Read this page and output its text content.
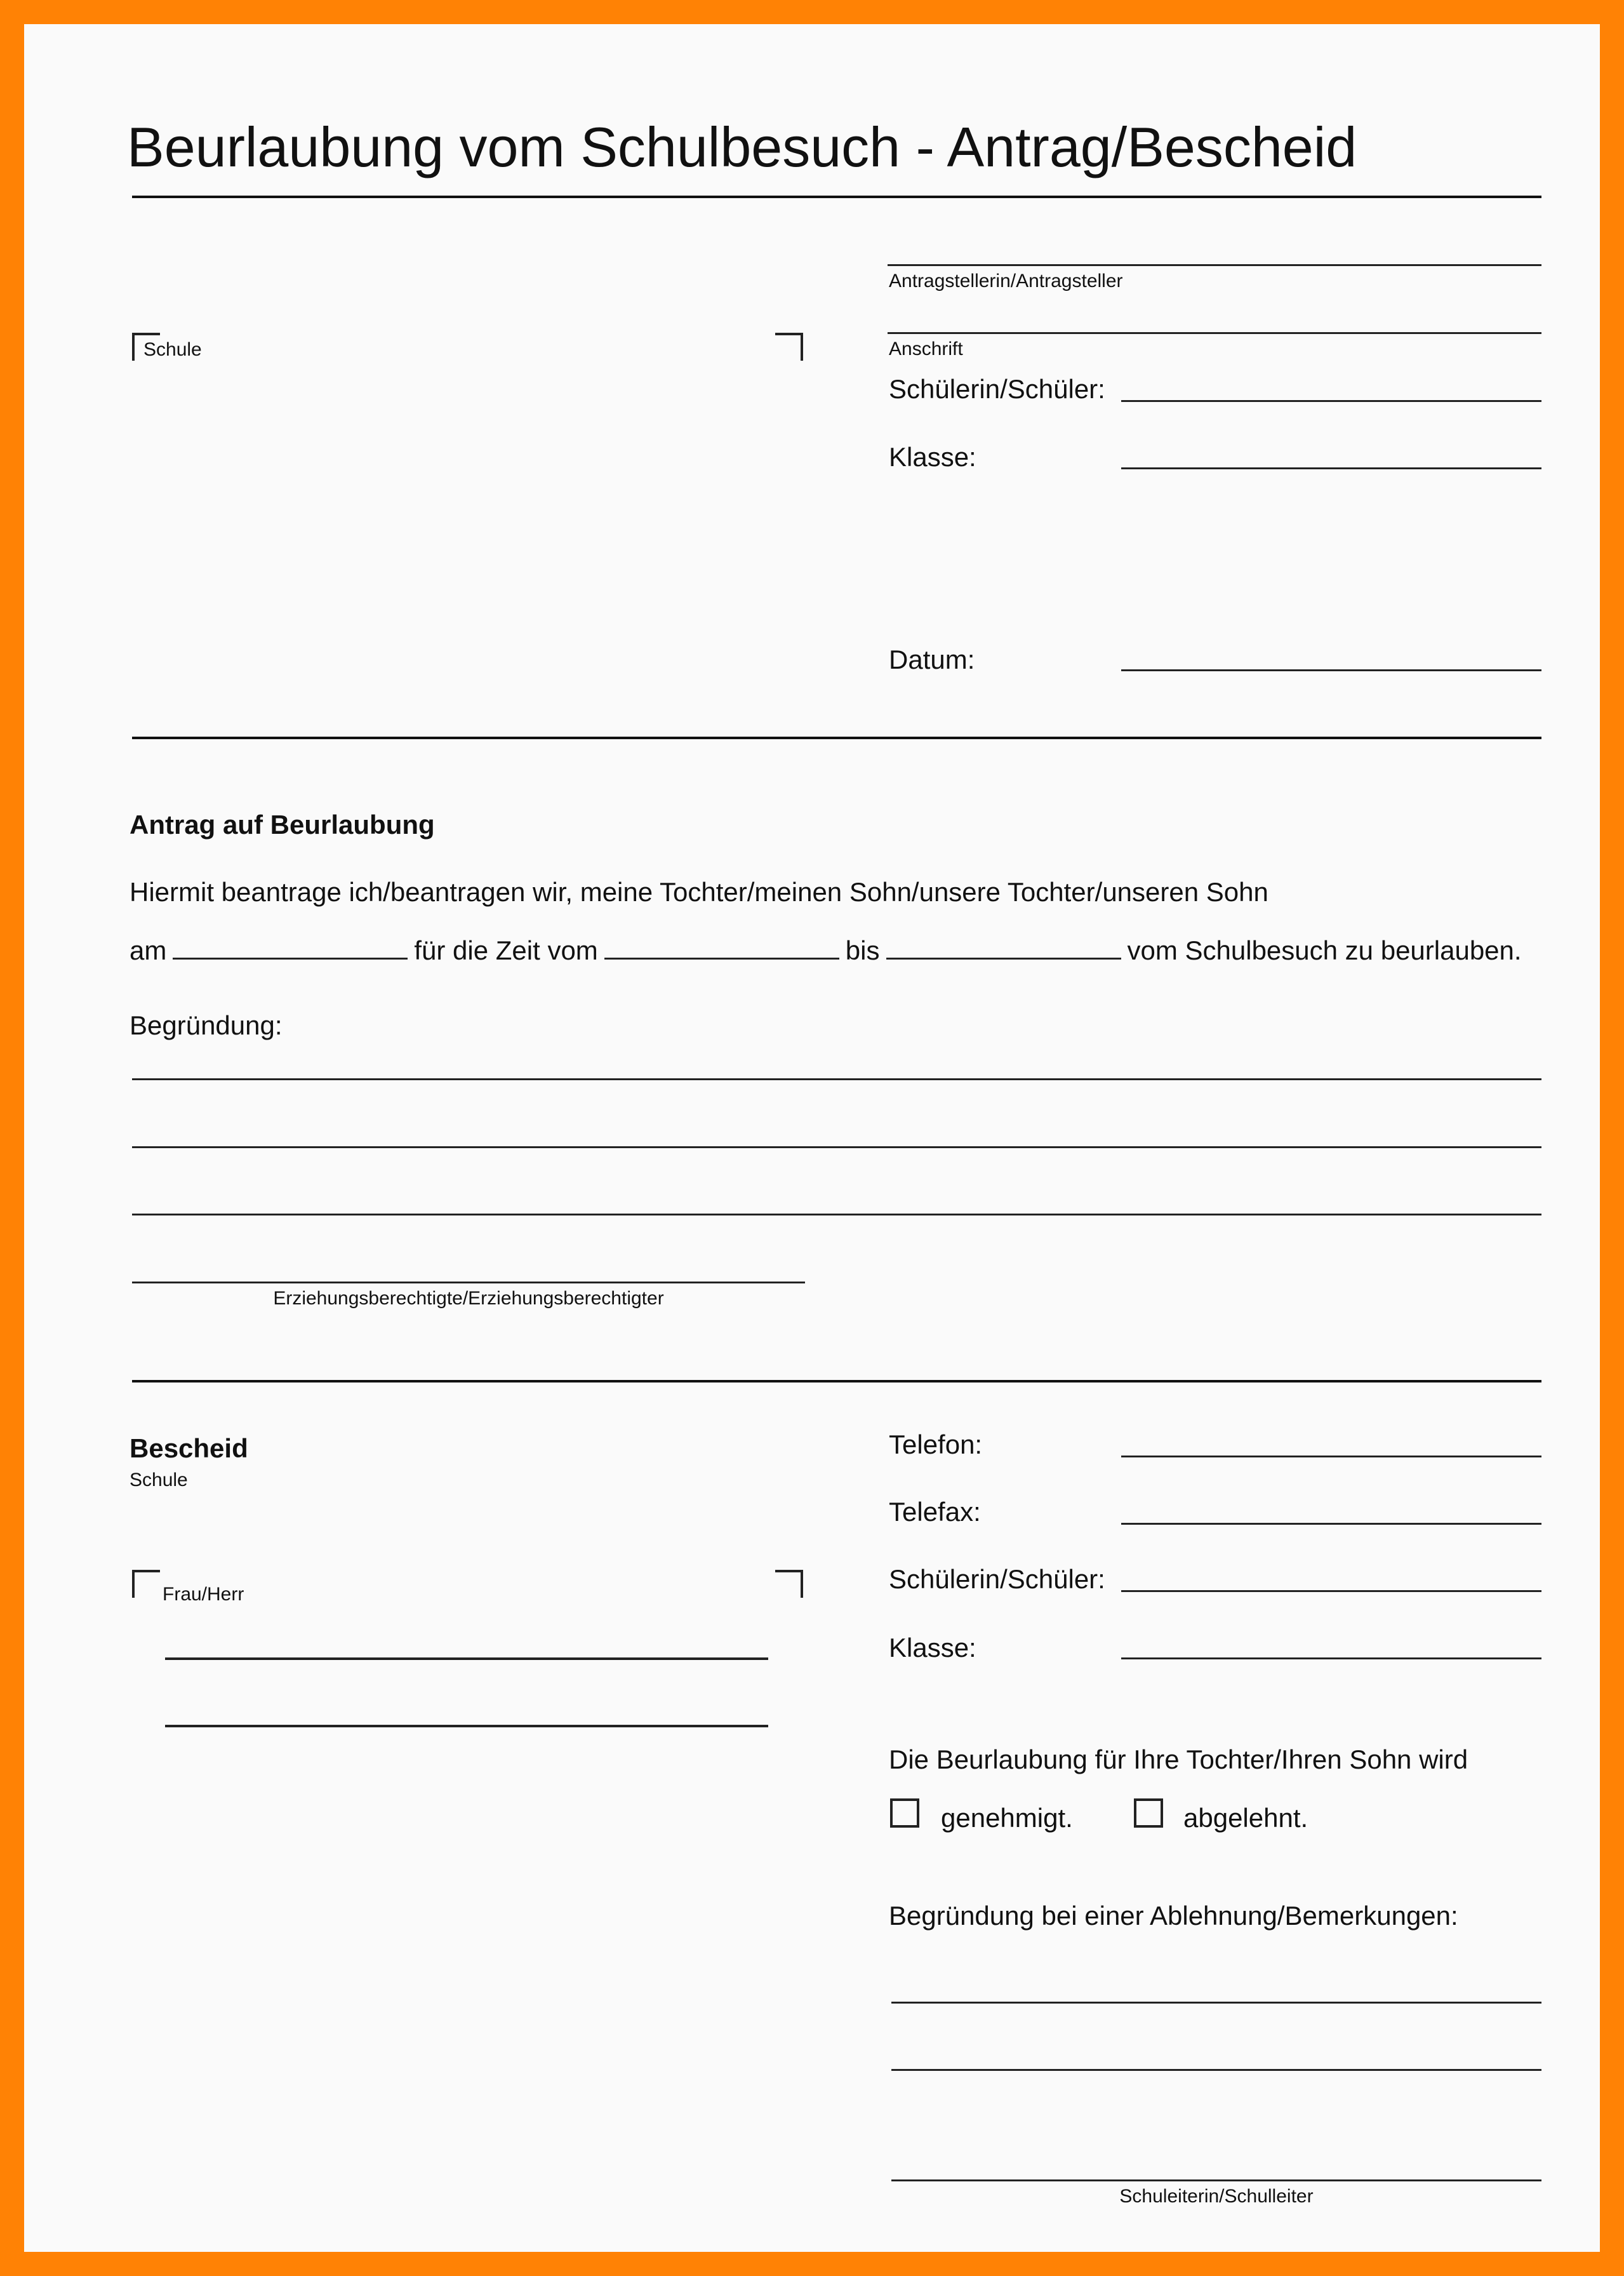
Beurlaubung vom Schulbesuch - Antrag/Bescheid
Antragstellerin/Antragsteller
Anschrift
Schule
Schülerin/Schüler:
Klasse:
Datum:
Antrag auf Beurlaubung
Hiermit beantrage ich/beantragen wir, meine Tochter/meinen Sohn/unsere Tochter/unseren Sohn
am	für die Zeit vom	bis	vom Schulbesuch zu beurlauben.
Begründung:
Erziehungsberechtigte/Erziehungsberechtigter
Bescheid
Schule
Frau/Herr
Telefon:
Telefax:
Schülerin/Schüler:
Klasse:
Die Beurlaubung für Ihre Tochter/Ihren Sohn wird
genehmigt.	abgelehnt.
Begründung bei einer Ablehnung/Bemerkungen:
Schuleiterin/Schulleiter
